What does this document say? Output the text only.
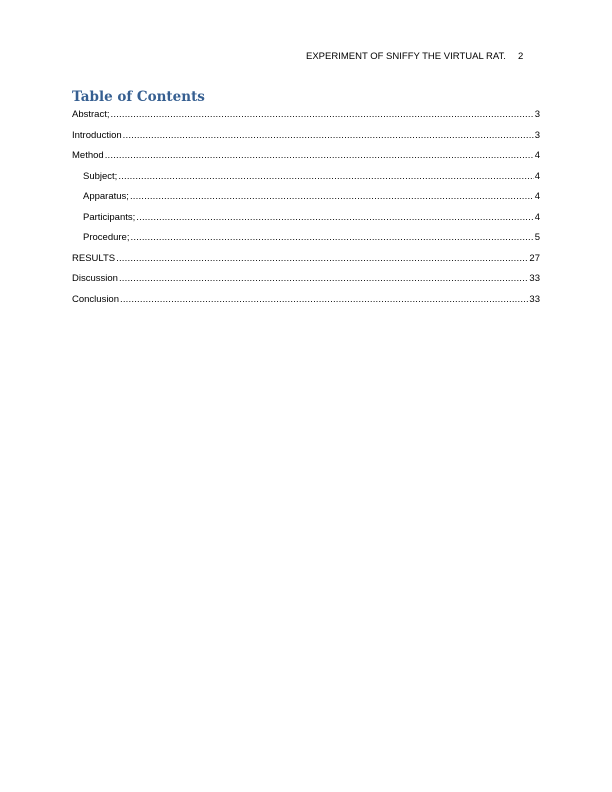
EXPERIMENT OF SNIFFY THE VIRTUAL RAT. 2
Table of Contents
Abstract; .....	3
Introduction .....	3
Method .....	4
Subject; .....	4
Apparatus; .....	4
Participants; .....	4
Procedure; .....	5
RESULTS .....	27
Discussion .....	33
Conclusion .....	33
